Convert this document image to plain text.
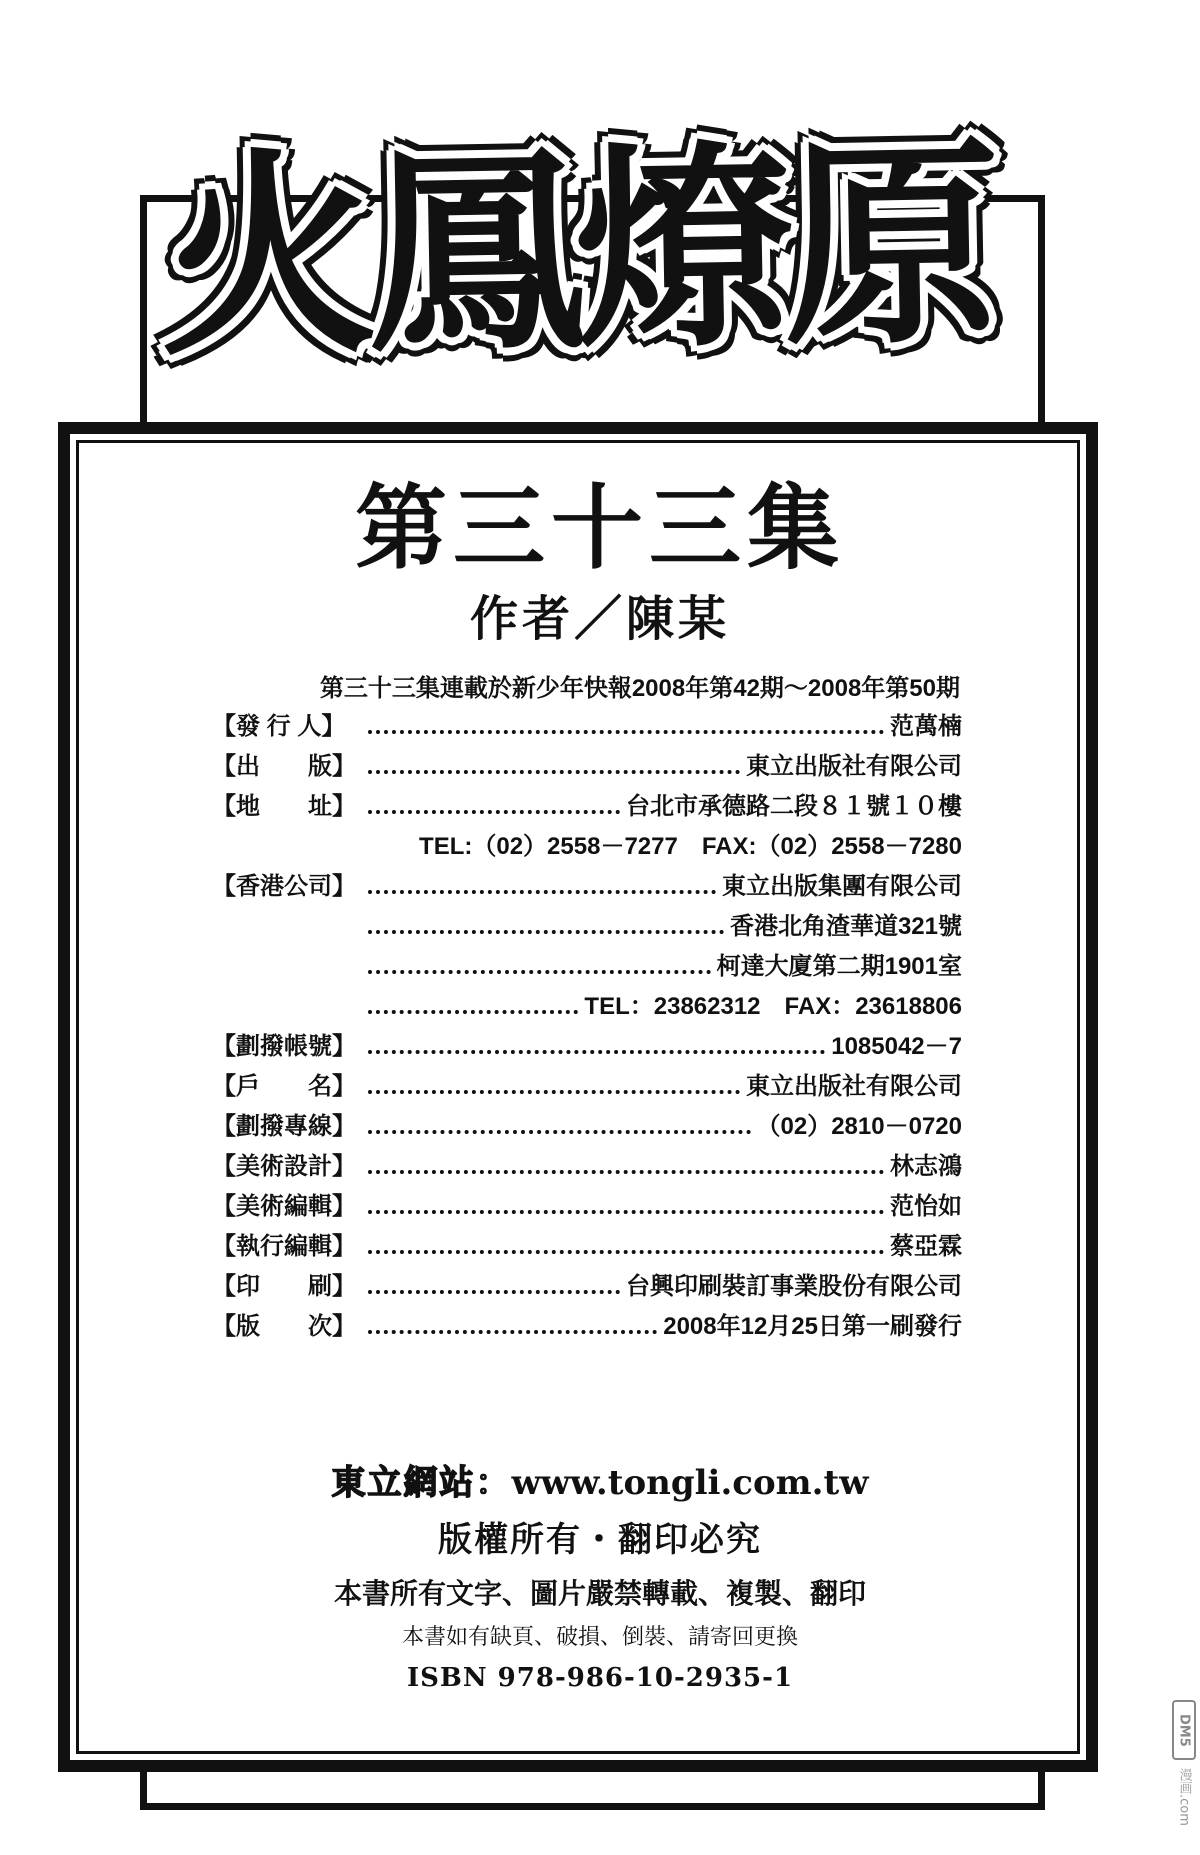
火鳳燎原
第三十三集
作者／陳某
第三十三集連載於新少年快報2008年第42期～2008年第50期
【發 行 人】	范萬楠
【出　　版】	東立出版社有限公司
【地　　址】	台北市承德路二段８１號１０樓
TEL:（02）2558－7277　FAX:（02）2558－7280
【香港公司】	東立出版集團有限公司
香港北角渣華道321號
柯達大廈第二期1901室
TEL：23862312　FAX：23618806
【劃撥帳號】	1085042－7
【戶　　名】	東立出版社有限公司
【劃撥專線】	（02）2810－0720
【美術設計】	林志鴻
【美術編輯】	范怡如
【執行編輯】	蔡亞霖
【印　　刷】	台興印刷裝訂事業股份有限公司
【版　　次】	2008年12月25日第一刷發行
東立網站：www.tongli.com.tw
版權所有・翻印必究
本書所有文字、圖片嚴禁轉載、複製、翻印
本書如有缺頁、破損、倒裝、請寄回更換
ISBN 978-986-10-2935-1
DM5
漫画.com
